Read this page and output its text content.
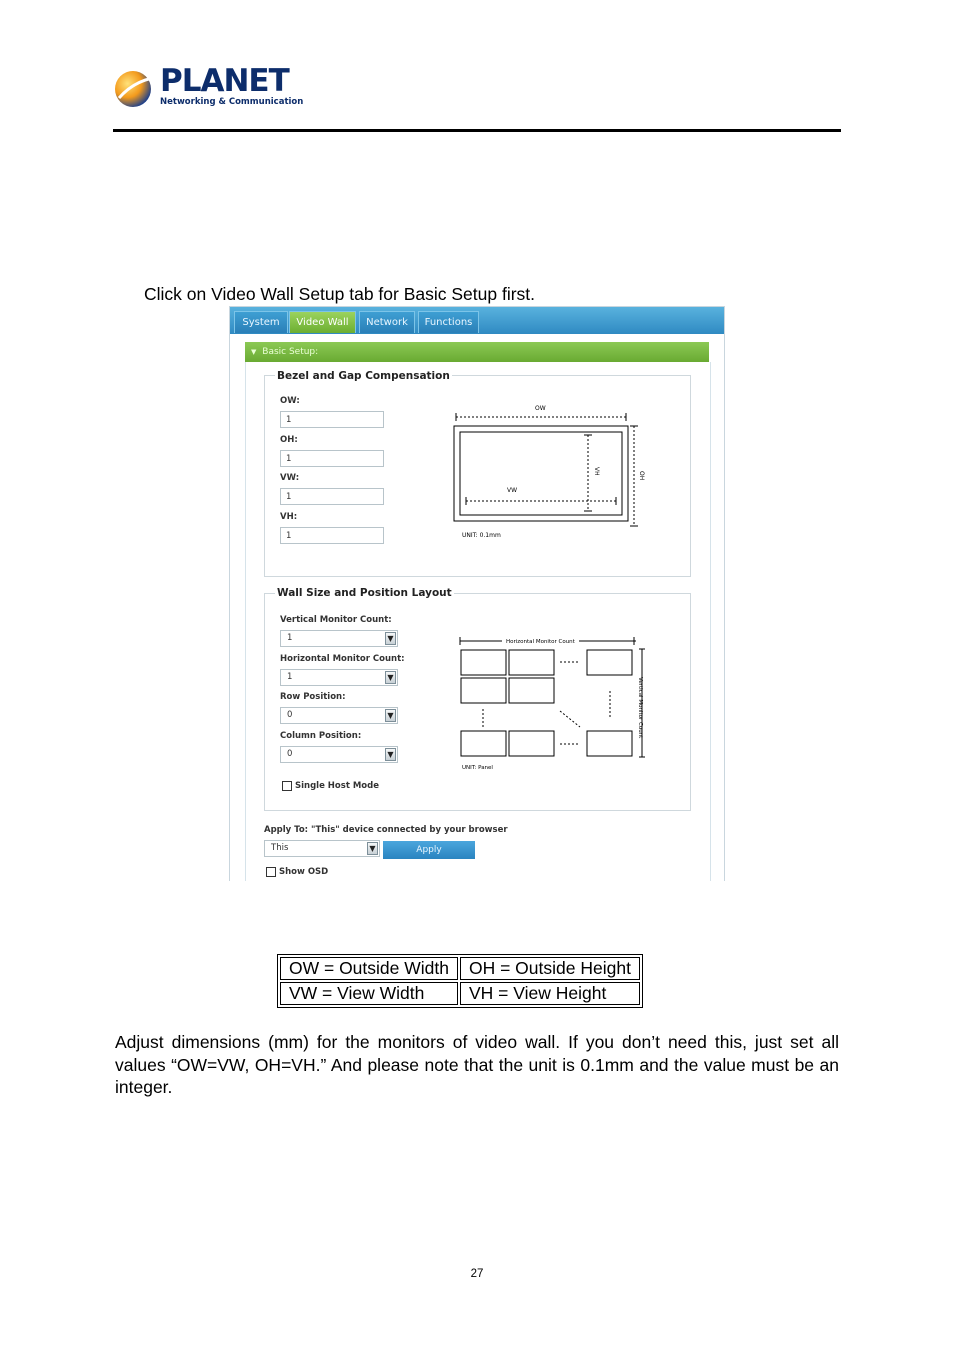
PLANET
Networking & Communication
Click on Video Wall Setup tab for Basic Setup first.
System	Video Wall	Network	Functions
▼ Basic Setup:
Bezel and Gap Compensation
OW:
1
OH:
1
VW:
1
VH:
1
OW
VW
VH	OH
UNIT: 0.1mm
Wall Size and Position Layout
Vertical Monitor Count:
1	▼
Horizontal Monitor Count:
1	▼
Row Position:
0	▼
Column Position:
0	▼
Single Host Mode
Horizontal Monitor Count
Vertical Monitor Count
UNIT: Panel
Apply To: "This" device connected by your browser
This	▼	Apply
Show OSD
OW = Outside Width	OH = Outside Height
VW = View Width	VH = View Height
Adjust dimensions (mm) for the monitors of video wall. If you don’t need this, just set all values “OW=VW, OH=VH.” And please note that the unit is 0.1mm and the value must be an integer.
27
